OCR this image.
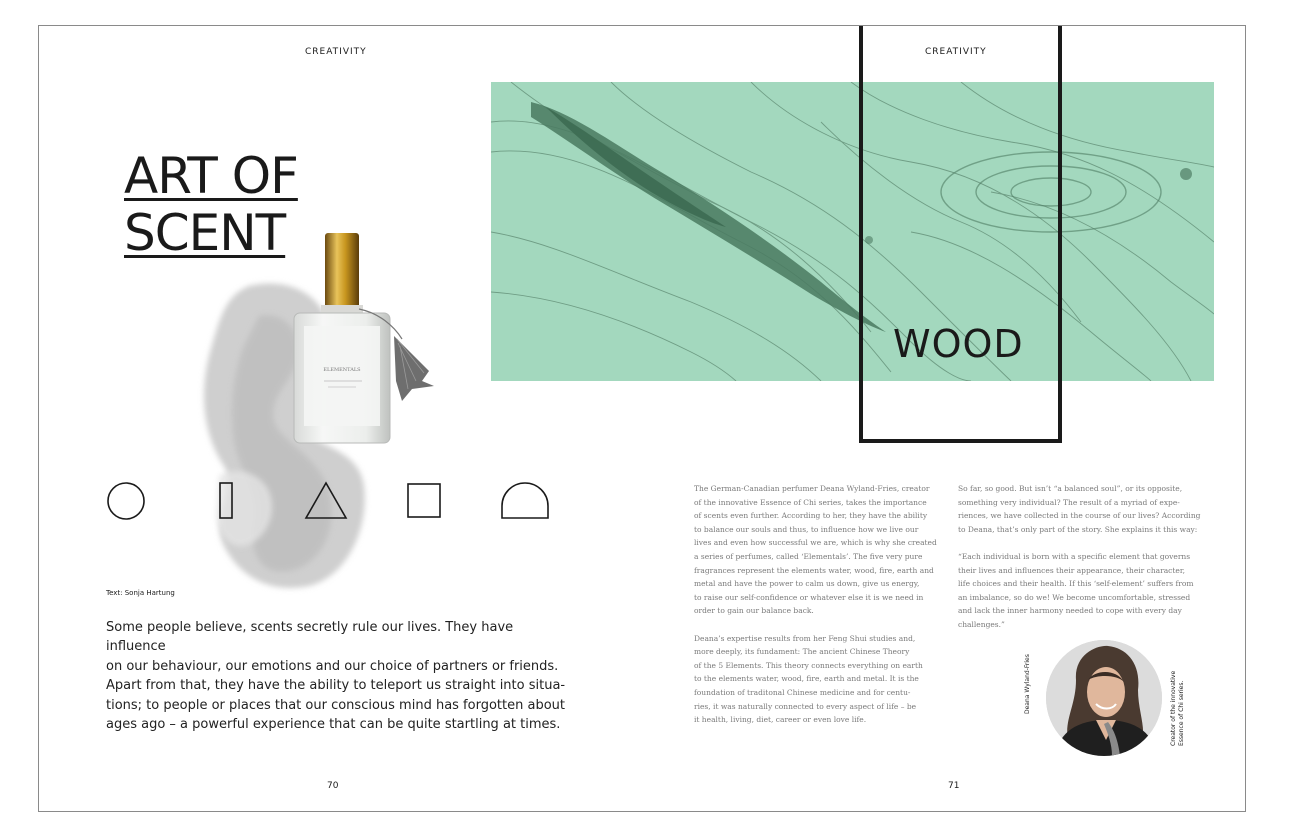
CREATIVITY
ART OF
SCENT
ELEMENTALS
Text: Sonja Hartung
Some people believe, scents secretly rule our lives. They have influence
on our behaviour, our emotions and our choice of partners or friends.
Apart from that, they have the ability to teleport us straight into situa-
tions; to people or places that our conscious mind has forgotten about
ages ago – a powerful experience that can be quite startling at times.
70
CREATIVITY
WOOD

The German-Canadian perfumer Deana Wyland-Fries, creator
of the innovative Essence of Chi series, takes the importance
of scents even further. According to her, they have the ability
to balance our souls and thus, to influence how we live our
lives and even how successful we are, which is why she created
a series of perfumes, called ‘Elementals’. The five very pure
fragrances represent the elements water, wood, fire, earth and
metal and have the power to calm us down, give us energy,
to raise our self-confidence or whatever else it is we need in
order to gain our balance back.

Deana’s expertise results from her Feng Shui studies and,
more deeply, its fundament: The ancient Chinese Theory
of the 5 Elements. This theory connects everything on earth
to the elements water, wood, fire, earth and metal. It is the
foundation of traditonal Chinese medicine and for centu-
ries, it was naturally connected to every aspect of life – be
it health, living, diet, career or even love life.

So far, so good. But isn’t “a balanced soul”, or its opposite,
something very individual? The result of a myriad of expe-
riences, we have collected in the course of our lives? According
to Deana, that’s only part of the story. She explains it this way:

“Each individual is born with a specific element that governs
their lives and influences their appearance, their character,
life choices and their health. If this ‘self-element’ suffers from
an imbalance, so do we! We become uncomfortable, stressed
and lack the inner harmony needed to cope with every day
challenges.”

Deana Wyland-Fries	Creator of the innovative Essence of Chi series.
71
